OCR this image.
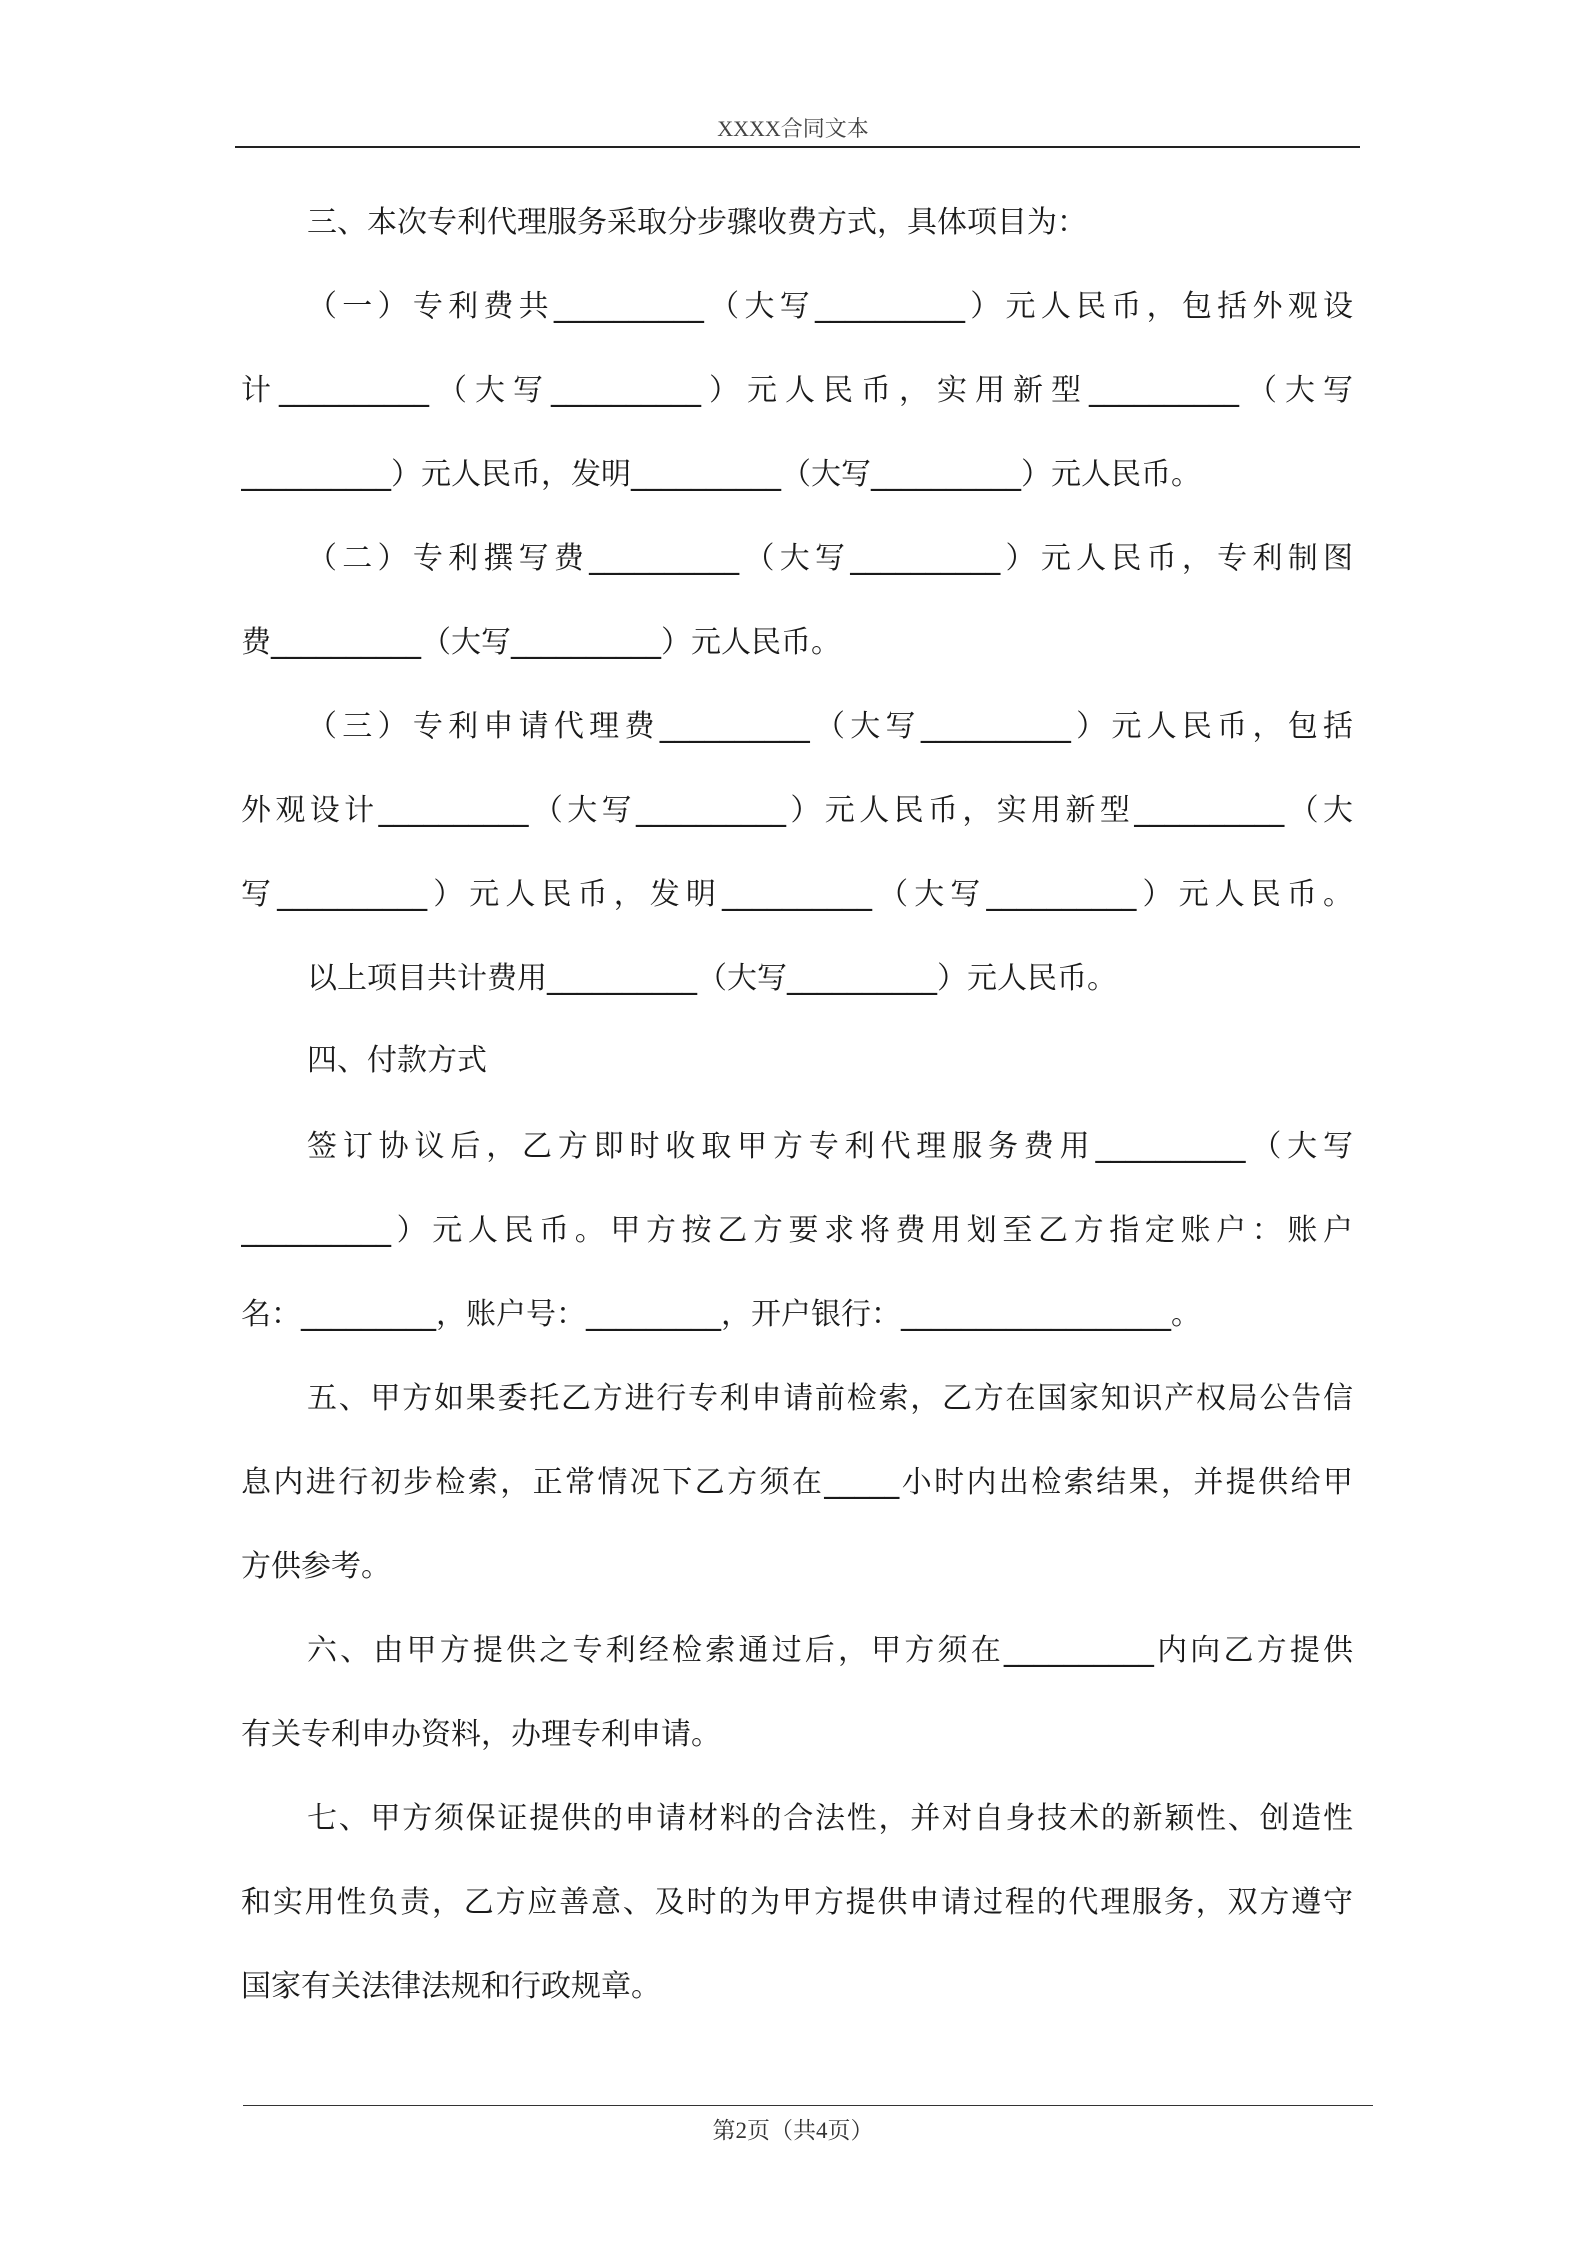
XXXX合同文本
三、本次专利代理服务采取分步骤收费方式，具体项目为：
（一）专利费共__________（大写__________）元人民币，包括外观设
计__________（大写__________）元人民币，实用新型__________（大写
__________）元人民币，发明__________（大写__________）元人民币。
（二）专利撰写费__________（大写__________）元人民币，专利制图
费__________（大写__________）元人民币。
（三）专利申请代理费__________（大写__________）元人民币，包括
外观设计__________（大写__________）元人民币，实用新型__________（大
写__________）元人民币，发明__________（大写__________）元人民币。
以上项目共计费用__________（大写__________）元人民币。
四、付款方式
签订协议后，乙方即时收取甲方专利代理服务费用__________（大写
__________）元人民币。甲方按乙方要求将费用划至乙方指定账户：账户
名：_________，账户号：_________，开户银行：__________________。
五、甲方如果委托乙方进行专利申请前检索，乙方在国家知识产权局公告信
息内进行初步检索，正常情况下乙方须在_____小时内出检索结果，并提供给甲
方供参考。
六、由甲方提供之专利经检索通过后，甲方须在__________内向乙方提供
有关专利申办资料，办理专利申请。
七、甲方须保证提供的申请材料的合法性，并对自身技术的新颖性、创造性
和实用性负责，乙方应善意、及时的为甲方提供申请过程的代理服务，双方遵守
国家有关法律法规和行政规章。
第2页（共4页）
